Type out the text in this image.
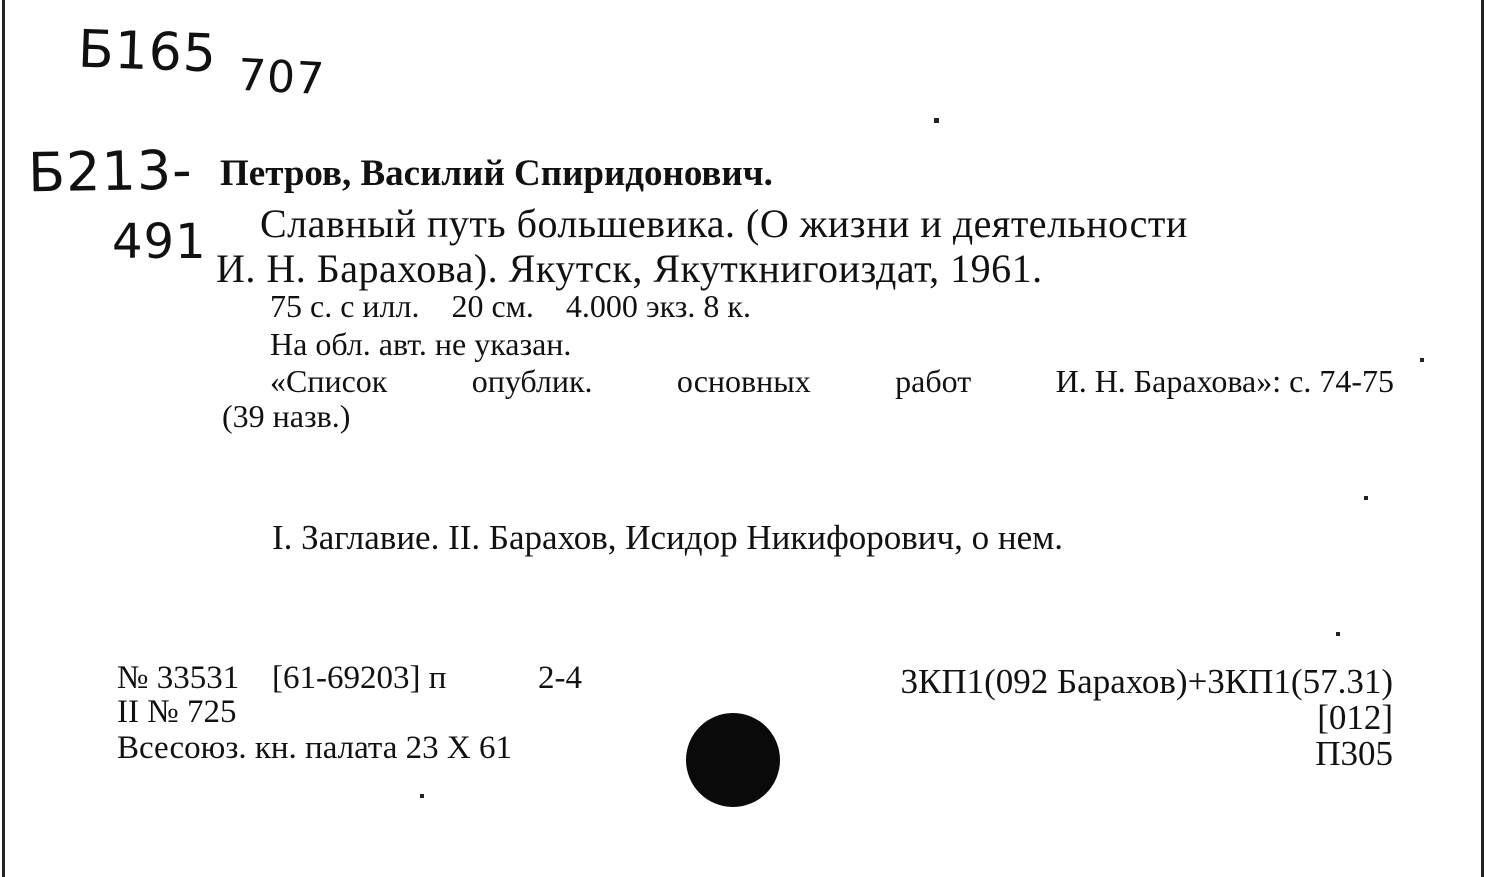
Б165 707
Б213-
491
Петров, Василий Спиридонович.
Славный путь большевика. (О жизни и деятельности
И. Н. Барахова). Якутск, Якуткнигоиздат, 1961.
75 с. с илл.    20 см.    4.000 экз. 8 к.
На обл. авт. не указан.
«Список	опублик.	основных	работ	И. Н. Барахова»: с. 74-75
(39 назв.)
I. Заглавие. II. Барахов, Исидор Никифорович, о нем.
№ 33531 [61-69203] п	2-4
II № 725
Всесоюз. кн. палата 23 X 61
3КП1(092 Барахов)+3КП1(57.31)
[012]
П305
